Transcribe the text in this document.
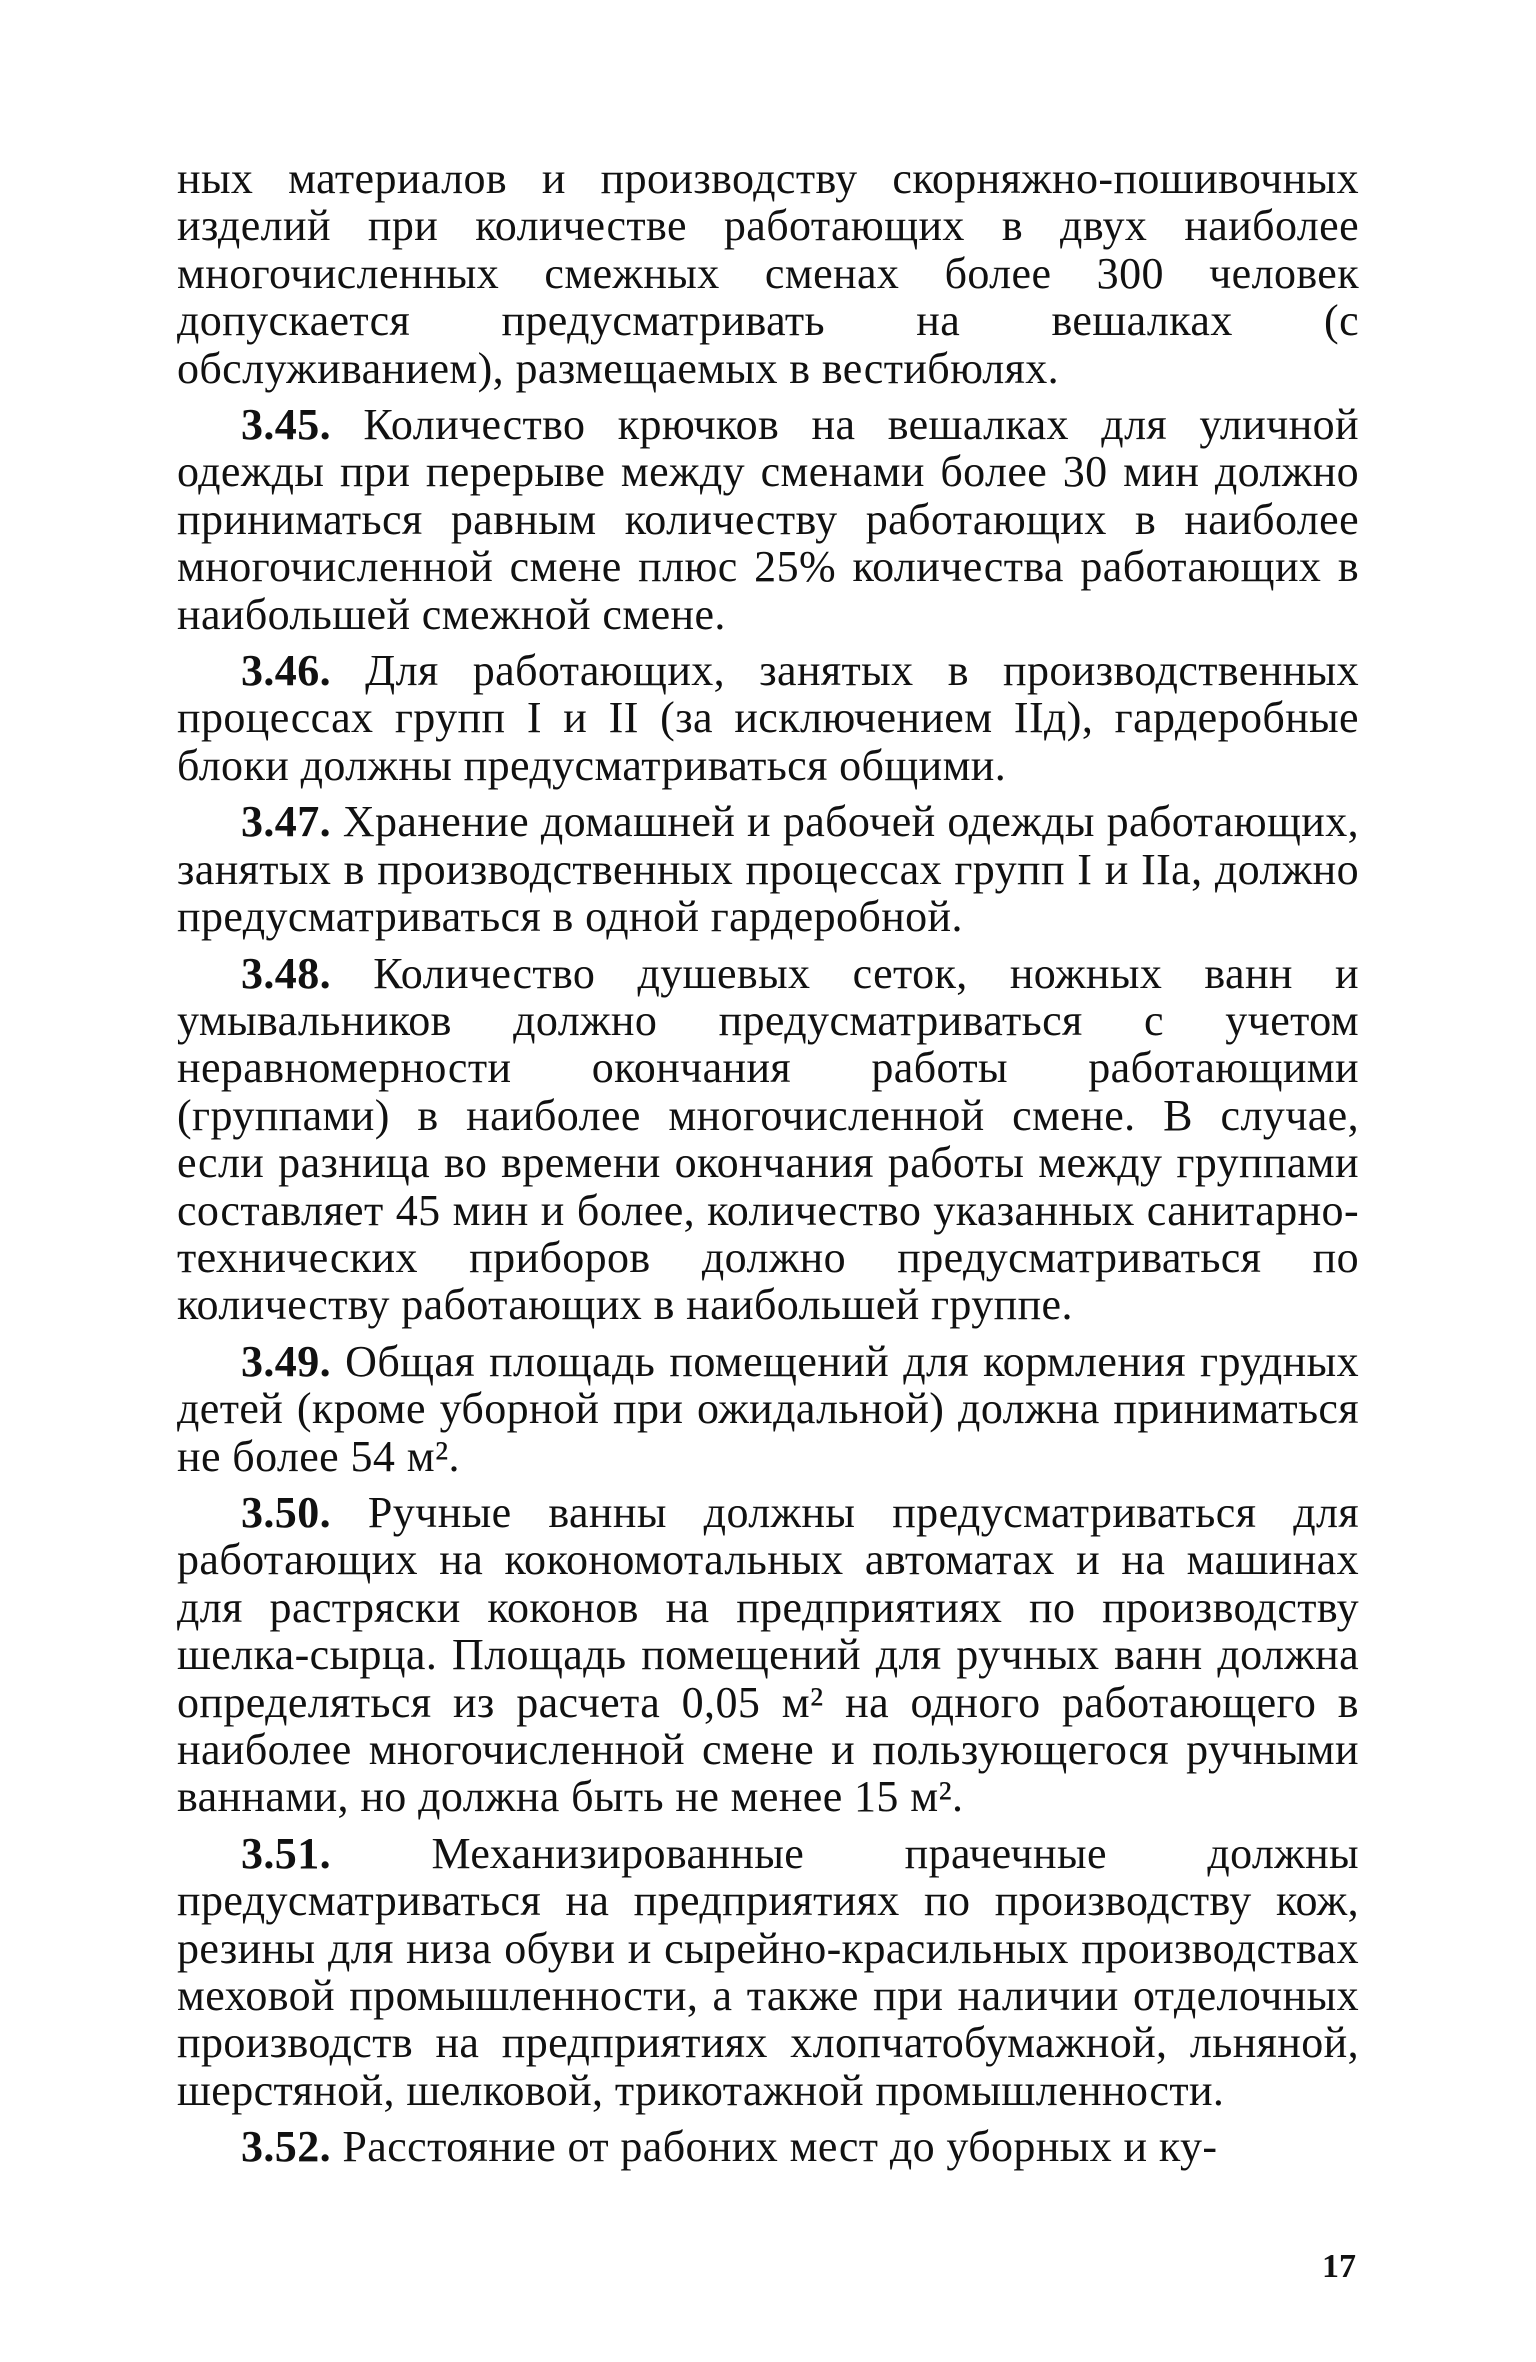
ных материалов и производству скорняжно-пошивочных изделий при количестве работающих в двух наиболее многочисленных смежных сменах более 300 человек допускается предусматривать на вешалках (с обслуживанием), размещаемых в вестибюлях.

3.45. Количество крючков на вешалках для уличной одежды при перерыве между сменами более 30 мин должно приниматься равным количеству работающих в наиболее многочисленной смене плюс 25% количества работающих в наибольшей смежной смене.

3.46. Для работающих, занятых в производственных процессах групп I и II (за исключением IIд), гардеробные блоки должны предусматриваться общими.

3.47. Хранение домашней и рабочей одежды работающих, занятых в производственных процессах групп I и IIа, должно предусматриваться в одной гардеробной.

3.48. Количество душевых сеток, ножных ванн и умывальников должно предусматриваться с учетом неравномерности окончания работы работающими (группами) в наиболее многочисленной смене. В случае, если разница во времени окончания работы между группами составляет 45 мин и более, количество указанных санитарно-технических приборов должно предусматриваться по количеству работающих в наибольшей группе.

3.49. Общая площадь помещений для кормления грудных детей (кроме уборной при ожидальной) должна приниматься не более 54 м².

3.50. Ручные ванны должны предусматриваться для работающих на кокономотальных автоматах и на машинах для растряски коконов на предприятиях по производству шелка-сырца. Площадь помещений для ручных ванн должна определяться из расчета 0,05 м² на одного работающего в наиболее многочисленной смене и пользующегося ручными ваннами, но должна быть не менее 15 м².

3.51. Механизированные прачечные должны предусматриваться на предприятиях по производству кож, резины для низа обуви и сырейно-красильных производствах меховой промышленности, а также при наличии отделочных производств на предприятиях хлопчатобумажной, льняной, шерстяной, шелковой, трикотажной промышленности.

3.52. Расстояние от рабоних мест до уборных и ку-

17
